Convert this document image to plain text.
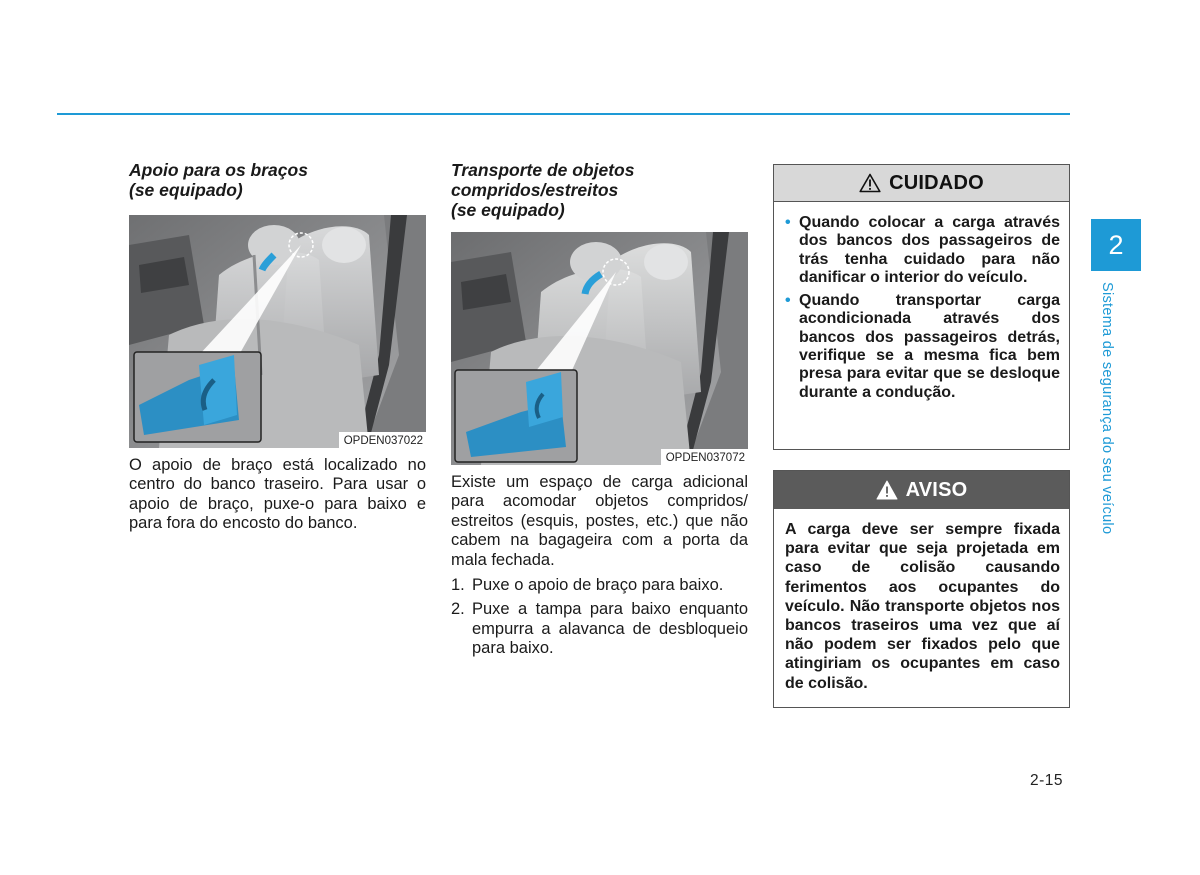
Apoio para os braços
(se equipado)
OPDEN037022

O apoio de braço está localizado no centro do banco traseiro. Para usar o apoio de braço, puxe-o para baixo e para fora do encosto do banco.

Transporte de objetos
compridos/estreitos
(se equipado)
OPDEN037072

Existe um espaço de carga adicional para acomodar objetos compridos/ estreitos (esquis, postes, etc.) que não cabem na bagageira com a porta da mala fechada.

1. Puxe o apoio de braço para baixo.
2. Puxe a tampa para baixo enquanto empurra a alavanca de desbloqueio para baixo.
CUIDADO
• Quando colocar a carga através dos bancos dos passageiros de trás tenha cuidado para não danificar o interior do veículo.
• Quando transportar carga acondicionada através dos bancos dos passageiros detrás, verifique se a mesma fica bem presa para evitar que se desloque durante a condução.
AVISO

A carga deve ser sempre fixada para evitar que seja projetada em caso de colisão causando ferimentos aos ocupantes do veículo. Não transporte objetos nos bancos traseiros uma vez que aí não podem ser fixados pelo que atingiriam os ocupantes em caso de colisão.

2
Sistema de segurança do seu veículo
2-15
